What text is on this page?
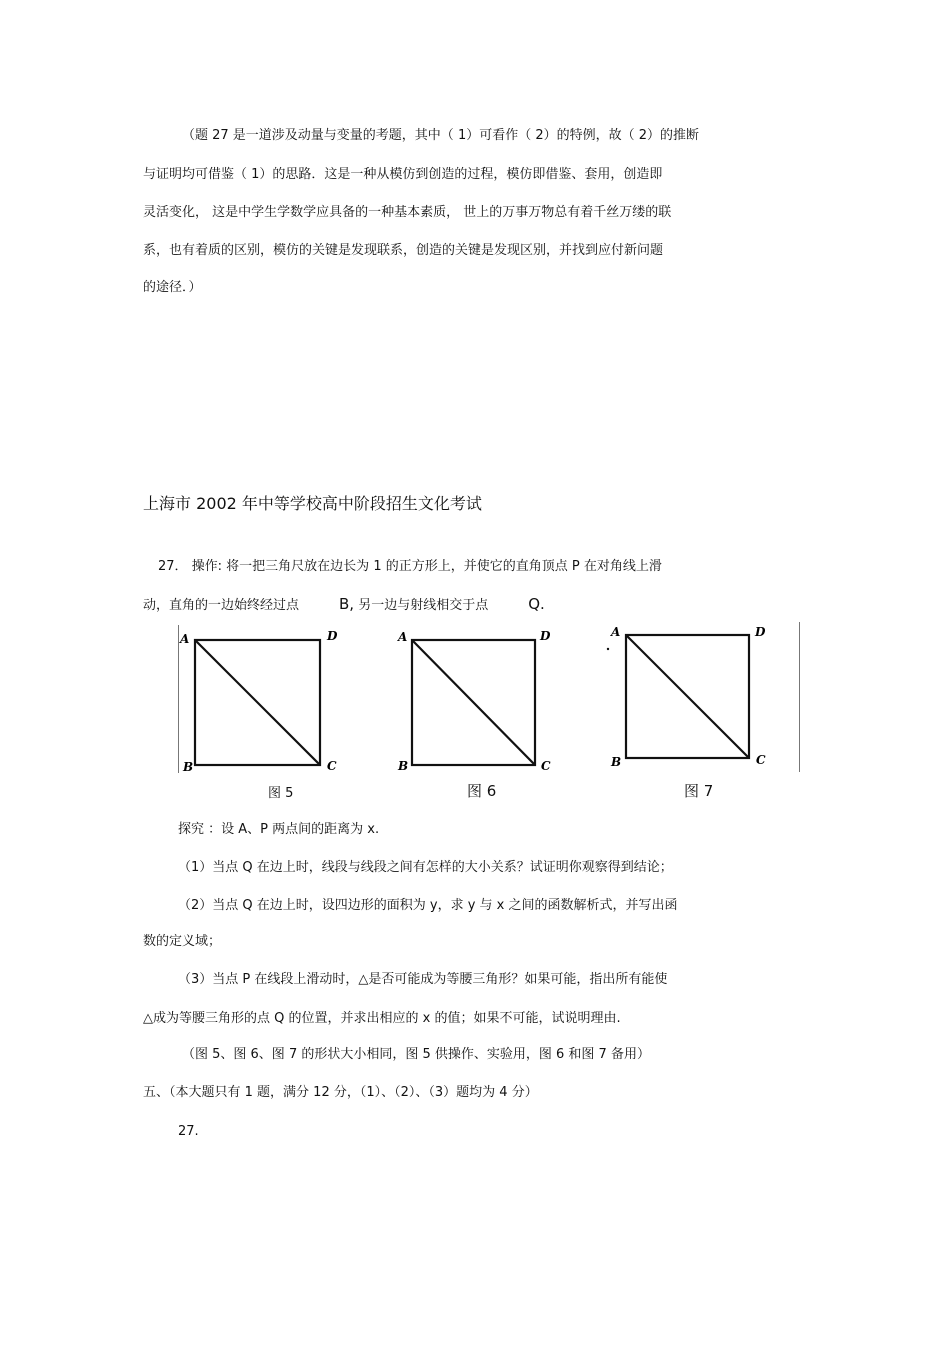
（题 27 是一道涉及动量与变量的考题，其中（ 1）可看作（ 2）的特例，故（ 2）的推断
与证明均可借鉴（ 1）的思路．这是一种从模仿到创造的过程，模仿即借鉴、套用，创造即
灵活变化， 这是中学生学数学应具备的一种基本素质， 世上的万事万物总有着千丝万缕的联
系，也有着质的区别，模仿的关键是发现联系，创造的关键是发现区别，并找到应付新问题
的途径．）
上海市 2002 年中等学校高中阶段招生文化考试
27． 操作: 将一把三角尺放在边长为 1 的正方形上，并使它的直角顶点 P 在对角线上滑
动，直角的一边始终经过点	B, 另一边与射线相交于点	Q.
A	D
B	C
图 5
A	D
B	C
图 6
A	D
B	C
图 7
探究 ：设 A、P 两点间的距离为 x.
（1）当点 Q 在边上时，线段与线段之间有怎样的大小关系？试证明你观察得到结论；
（2）当点 Q 在边上时，设四边形的面积为 y，求 y 与 x 之间的函数解析式，并写出函
数的定义域；
（3）当点 P 在线段上滑动时，△是否可能成为等腰三角形？如果可能，指出所有能使
△成为等腰三角形的点 Q 的位置，并求出相应的 x 的值；如果不可能，试说明理由.
（图 5、图 6、图 7 的形状大小相同，图 5 供操作、实验用，图 6 和图 7 备用）
五、（本大题只有 1 题，满分 12 分，（1）、（2）、（3）题均为 4 分）
27.
